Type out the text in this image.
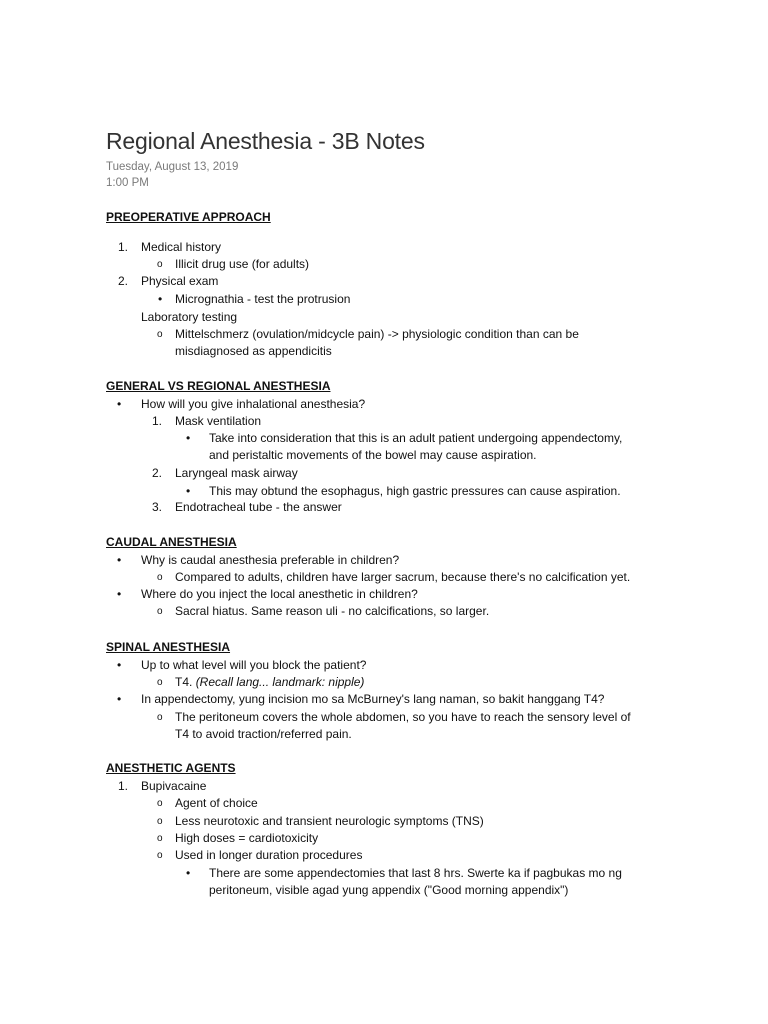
Regional Anesthesia - 3B Notes
Tuesday, August 13, 2019
1:00 PM
PREOPERATIVE APPROACH
1.	Medical history
o	Illicit drug use (for adults)
2.	Physical exam
•	Micrognathia - test the protrusion
Laboratory testing
o	Mittelschmerz (ovulation/midcycle pain) -> physiologic condition than can be
misdiagnosed as appendicitis
GENERAL VS REGIONAL ANESTHESIA
•	How will you give inhalational anesthesia?
1.	Mask ventilation
•	Take into consideration that this is an adult patient undergoing appendectomy,
and peristaltic movements of the bowel may cause aspiration.
2.	Laryngeal mask airway
•	This may obtund the esophagus, high gastric pressures can cause aspiration.
3.	Endotracheal tube - the answer
CAUDAL ANESTHESIA
•	Why is caudal anesthesia preferable in children?
o	Compared to adults, children have larger sacrum, because there's no calcification yet.
•	Where do you inject the local anesthetic in children?
o	Sacral hiatus. Same reason uli - no calcifications, so larger.
SPINAL ANESTHESIA
•	Up to what level will you block the patient?
o	T4. (Recall lang... landmark: nipple)
•	In appendectomy, yung incision mo sa McBurney's lang naman, so bakit hanggang T4?
o	The peritoneum covers the whole abdomen, so you have to reach the sensory level of
T4 to avoid traction/referred pain.
ANESTHETIC AGENTS
1.	Bupivacaine
o	Agent of choice
o	Less neurotoxic and transient neurologic symptoms (TNS)
o	High doses = cardiotoxicity
o	Used in longer duration procedures
•	There are some appendectomies that last 8 hrs. Swerte ka if pagbukas mo ng
peritoneum, visible agad yung appendix ("Good morning appendix")
